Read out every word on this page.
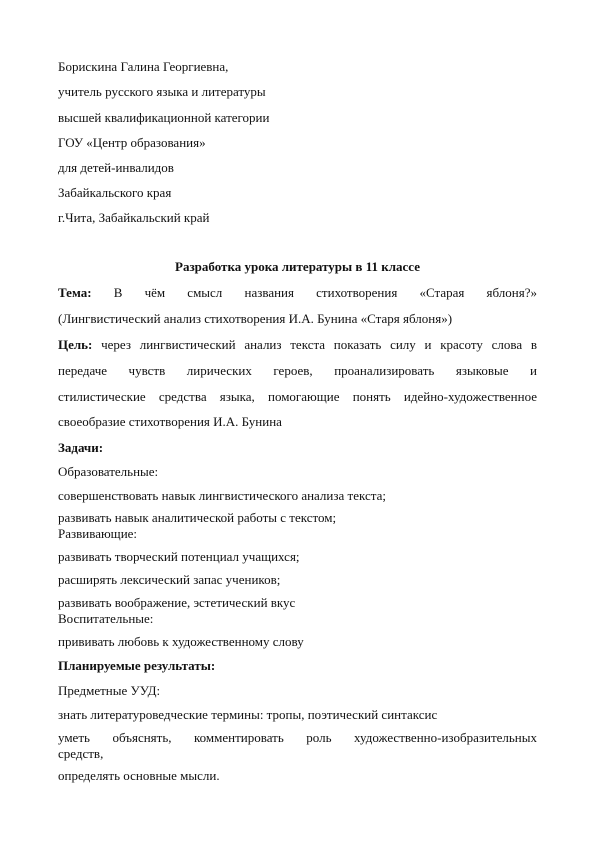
Борискина Галина Георгиевна,
учитель русского языка и литературы
высшей квалификационной категории
ГОУ «Центр образования»
для детей-инвалидов
Забайкальского края
г.Чита, Забайкальский край
Разработка урока литературы в 11 классе
Тема: В чём смысл названия стихотворения «Старая яблоня?»
(Лингвистический анализ стихотворения И.А. Бунина «Старя яблоня»)
Цель: через лингвистический анализ текста показать силу и красоту слова в
передаче чувств лирических героев, проанализировать языковые и
стилистические средства языка, помогающие понять идейно-художественное
своеобразие стихотворения И.А. Бунина
Задачи:
Образовательные:
совершенствовать навык лингвистического анализа текста;
развивать навык аналитической работы с текстом;
Развивающие:
развивать творческий потенциал учащихся;
расширять лексический запас учеников;
развивать воображение, эстетический вкус
Воспитательные:
прививать любовь к художественному слову
Планируемые результаты:
Предметные УУД:
знать литературоведческие термины: тропы, поэтический синтаксис
уметь объяснять, комментировать роль художественно-изобразительных
средств,
определять основные мысли.
